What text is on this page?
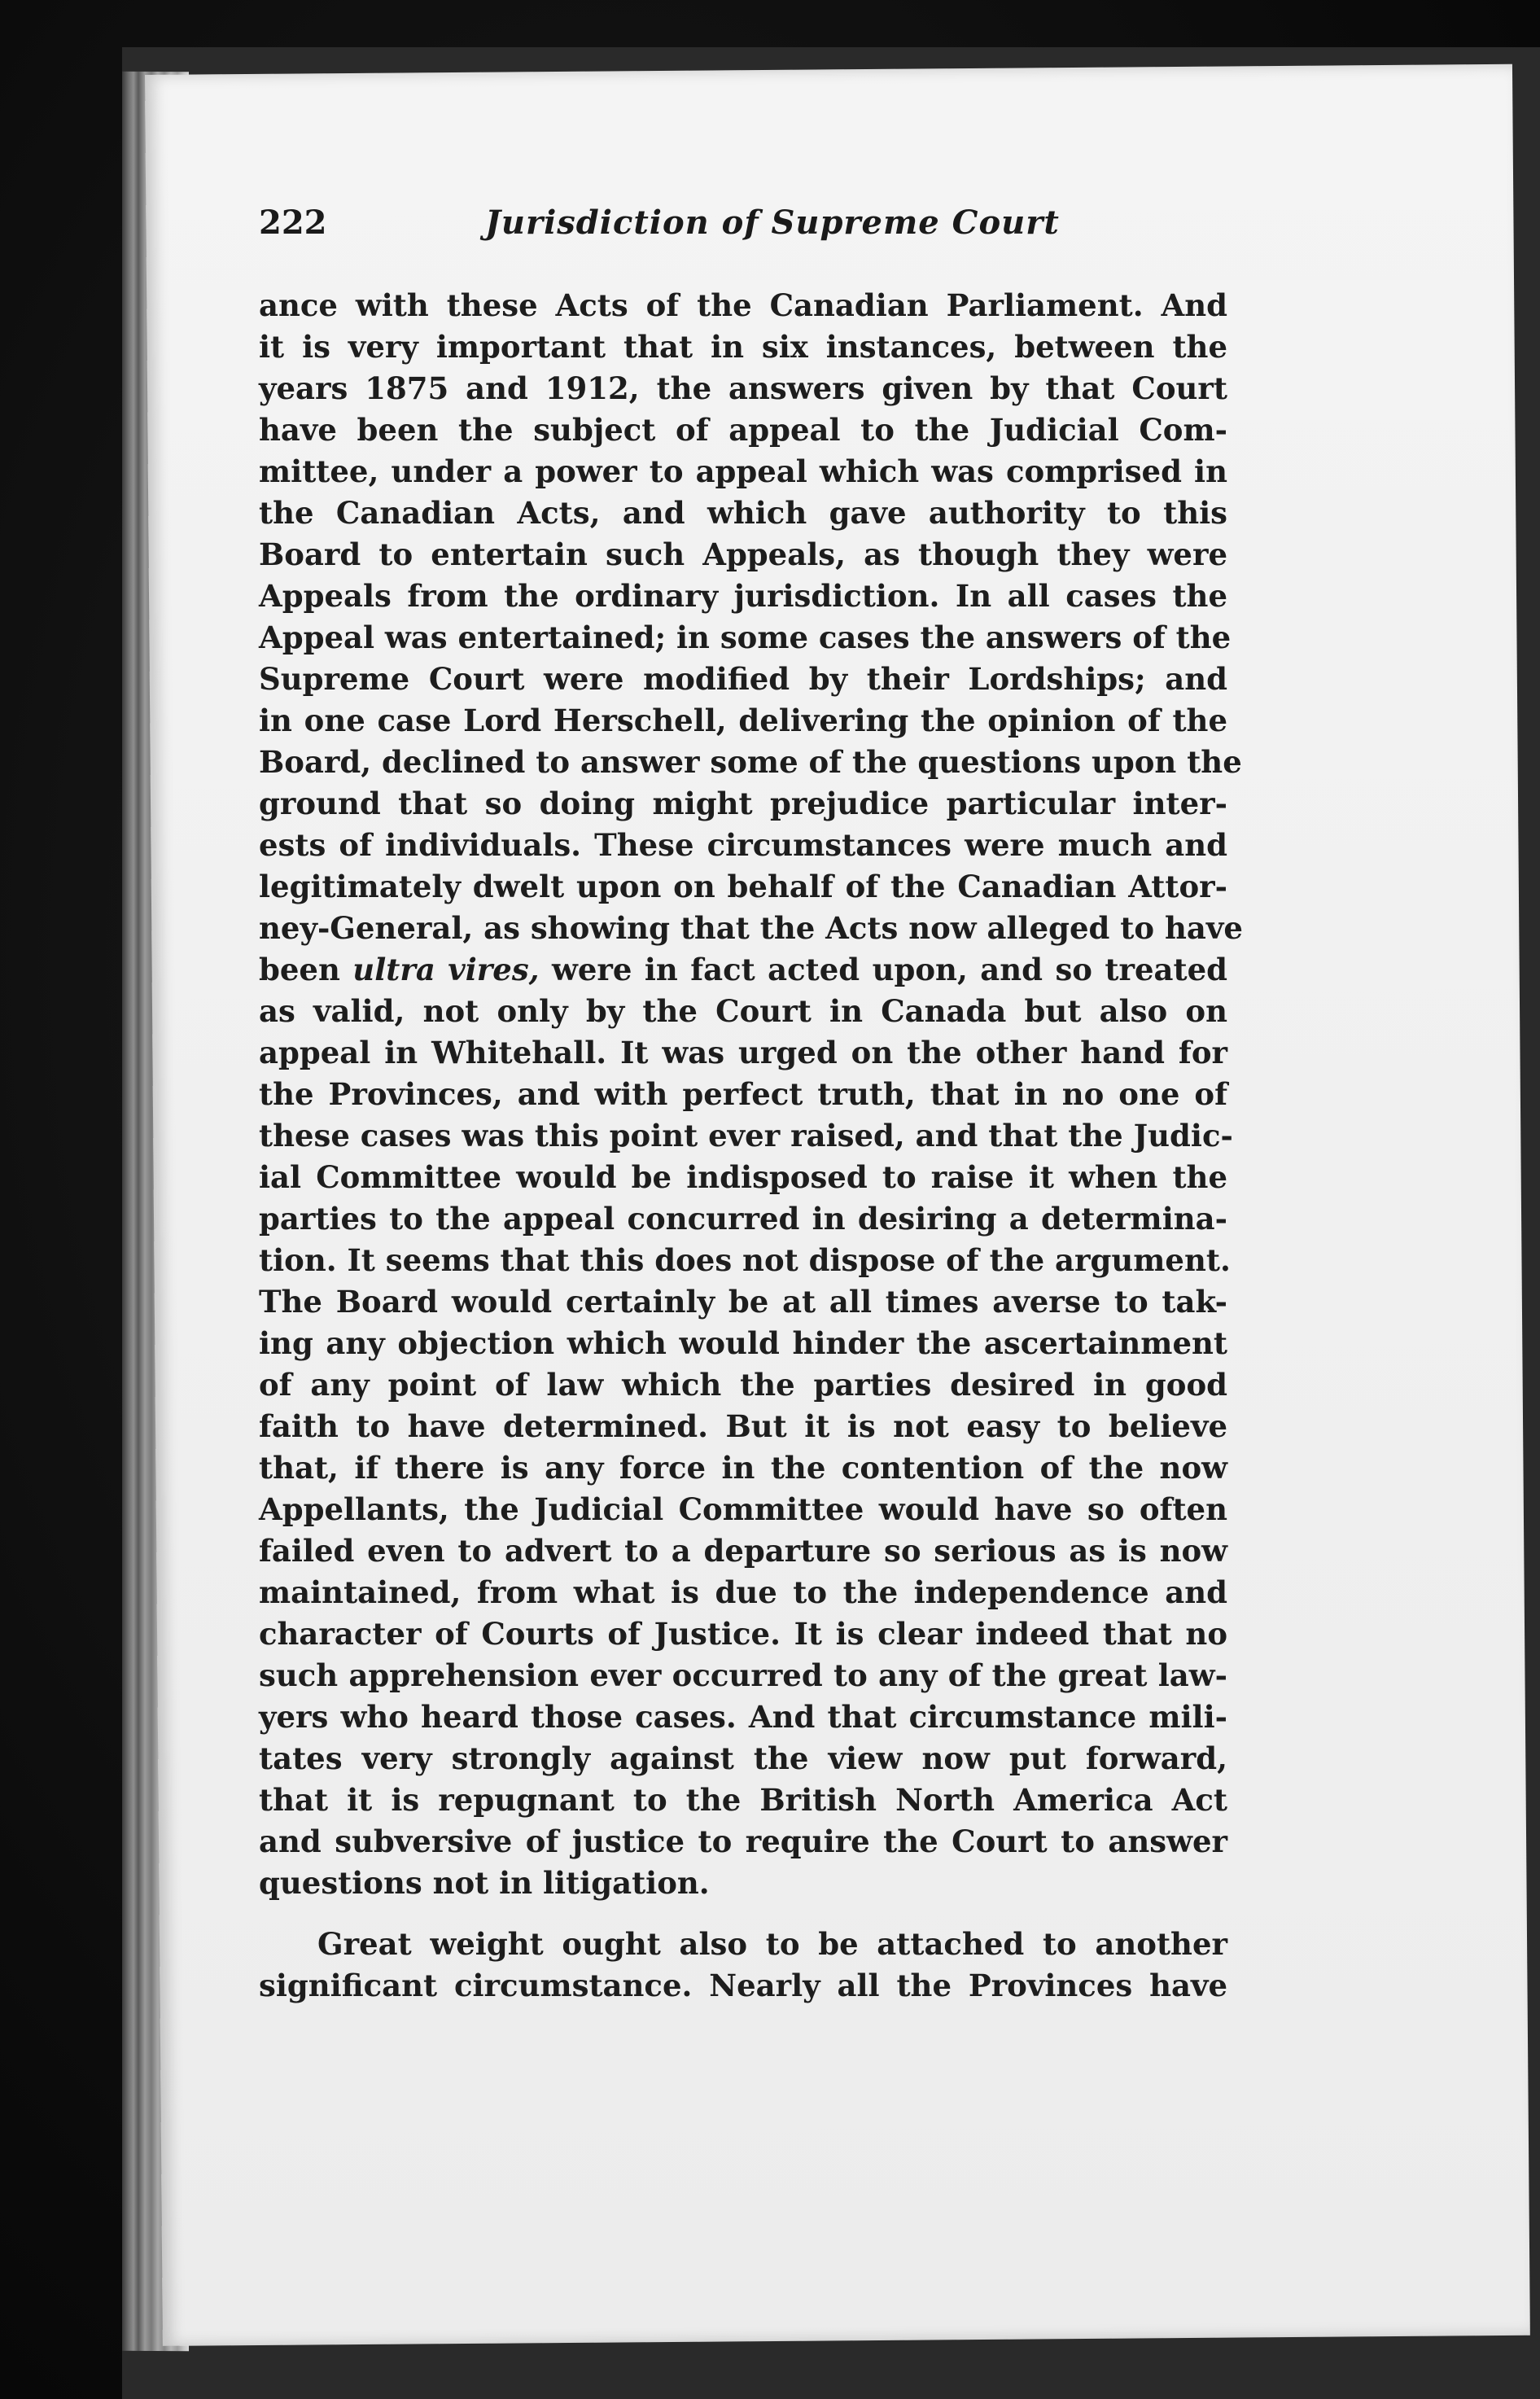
222	Jurisdiction of Supreme Court
ance with these Acts of the Canadian Parliament. And
it is very important that in six instances, between the
years 1875 and 1912, the answers given by that Court
have been the subject of appeal to the Judicial Com-
mittee, under a power to appeal which was comprised in
the Canadian Acts, and which gave authority to this
Board to entertain such Appeals, as though they were
Appeals from the ordinary jurisdiction. In all cases the
Appeal was entertained; in some cases the answers of the
Supreme Court were modified by their Lordships; and
in one case Lord Herschell, delivering the opinion of the
Board, declined to answer some of the questions upon the
ground that so doing might prejudice particular inter-
ests of individuals. These circumstances were much and
legitimately dwelt upon on behalf of the Canadian Attor-
ney-General, as showing that the Acts now alleged to have
been ultra vires, were in fact acted upon, and so treated
as valid, not only by the Court in Canada but also on
appeal in Whitehall. It was urged on the other hand for
the Provinces, and with perfect truth, that in no one of
these cases was this point ever raised, and that the Judic-
ial Committee would be indisposed to raise it when the
parties to the appeal concurred in desiring a determina-
tion. It seems that this does not dispose of the argument.
The Board would certainly be at all times averse to tak-
ing any objection which would hinder the ascertainment
of any point of law which the parties desired in good
faith to have determined. But it is not easy to believe
that, if there is any force in the contention of the now
Appellants, the Judicial Committee would have so often
failed even to advert to a departure so serious as is now
maintained, from what is due to the independence and
character of Courts of Justice. It is clear indeed that no
such apprehension ever occurred to any of the great law-
yers who heard those cases. And that circumstance mili-
tates very strongly against the view now put forward,
that it is repugnant to the British North America Act
and subversive of justice to require the Court to answer
questions not in litigation.
Great weight ought also to be attached to another
significant circumstance. Nearly all the Provinces have
